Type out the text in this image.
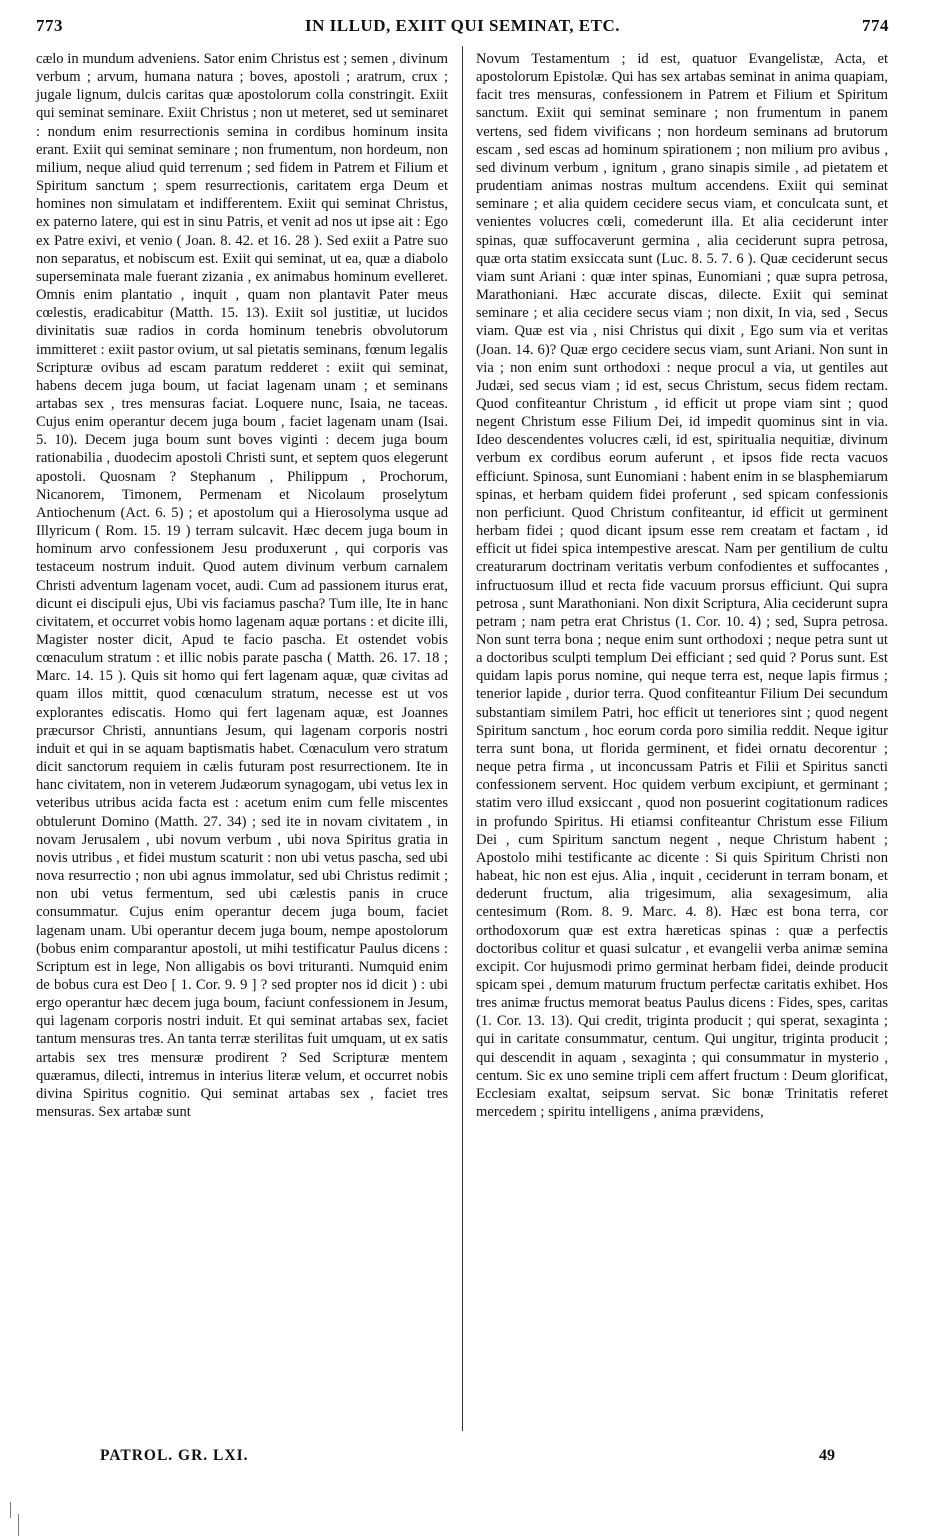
773	IN ILLUD, EXIIT QUI SEMINAT, ETC.	774

cælo in mundum adveniens. Sator enim Christus est ; semen , divinum verbum ; arvum, humana natura ; boves, apostoli ; aratrum, crux ; jugale lignum, dulcis caritas quæ apostolorum colla constringit. Exiit qui seminat seminare. Exiit Christus ; non ut meteret, sed ut seminaret : nondum enim resurrectionis semina in cordibus hominum insita erant. Exiit qui seminat seminare ; non frumentum, non hordeum, non milium, neque aliud quid terrenum ; sed fidem in Patrem et Filium et Spiritum sanctum ; spem resurrectionis, caritatem erga Deum et homines non simulatam et indifferentem. Exiit qui seminat Christus, ex paterno latere, qui est in sinu Patris, et venit ad nos ut ipse ait : Ego ex Patre exivi, et venio ( Joan. 8. 42. et 16. 28 ). Sed exiit a Patre suo non separatus, et nobiscum est. Exiit qui seminat, ut ea, quæ a diabolo superseminata male fuerant zizania , ex animabus hominum evelleret. Omnis enim plantatio , inquit , quam non plantavit Pater meus cœlestis, eradicabitur (Matth. 15. 13). Exiit sol justitiæ, ut lucidos divinitatis suæ radios in corda hominum tenebris obvolutorum immitteret : exiit pastor ovium, ut sal pietatis seminans, fœnum legalis Scripturæ ovibus ad escam paratum redderet : exiit qui seminat, habens decem juga boum, ut faciat lagenam unam ; et seminans artabas sex , tres mensuras faciat. Loquere nunc, Isaia, ne taceas. Cujus enim operantur decem juga boum , faciet lagenam unam (Isai. 5. 10). Decem juga boum sunt boves viginti : decem juga boum rationabilia , duodecim apostoli Christi sunt, et septem quos elegerunt apostoli. Quosnam ? Stephanum , Philippum , Prochorum, Nicanorem, Timonem, Permenam et Nicolaum proselytum Antiochenum (Act. 6. 5) ; et apostolum qui a Hierosolyma usque ad Illyricum ( Rom. 15. 19 ) terram sulcavit. Hæc decem juga boum in hominum arvo confessionem Jesu produxerunt , qui corporis vas testaceum nostrum induit. Quod autem divinum verbum carnalem Christi adventum lagenam vocet, audi. Cum ad passionem iturus erat, dicunt ei discipuli ejus, Ubi vis faciamus pascha? Tum ille, Ite in hanc civitatem, et occurret vobis homo lagenam aquæ portans : et dicite illi, Magister noster dicit, Apud te facio pascha. Et ostendet vobis cœnaculum stratum : et illic nobis parate pascha ( Matth. 26. 17. 18 ; Marc. 14. 15 ). Quis sit homo qui fert lagenam aquæ, quæ civitas ad quam illos mittit, quod cœnaculum stratum, necesse est ut vos explorantes ediscatis. Homo qui fert lagenam aquæ, est Joannes præcursor Christi, annuntians Jesum, qui lagenam corporis nostri induit et qui in se aquam baptismatis habet. Cœnaculum vero stratum dicit sanctorum requiem in cælis futuram post resurrectionem. Ite in hanc civitatem, non in veterem Judæorum synagogam, ubi vetus lex in veteribus utribus acida facta est : acetum enim cum felle miscentes obtulerunt Domino (Matth. 27. 34) ; sed ite in novam civitatem , in novam Jerusalem , ubi novum verbum , ubi nova Spiritus gratia in novis utribus , et fidei mustum scaturit : non ubi vetus pascha, sed ubi nova resurrectio ; non ubi agnus immolatur, sed ubi Christus redimit ; non ubi vetus fermentum, sed ubi cælestis panis in cruce consummatur. Cujus enim operantur decem juga boum, faciet lagenam unam. Ubi operantur decem juga boum, nempe apostolorum (bobus enim comparantur apostoli, ut mihi testificatur Paulus dicens : Scriptum est in lege, Non alligabis os bovi trituranti. Numquid enim de bobus cura est Deo [ 1. Cor. 9. 9 ] ? sed propter nos id dicit ) : ubi ergo operantur hæc decem juga boum, faciunt confessionem in Jesum, qui lagenam corporis nostri induit. Et qui seminat artabas sex, faciet tantum mensuras tres. An tanta terræ sterilitas fuit umquam, ut ex satis artabis sex tres mensuræ prodirent ? Sed Scripturæ mentem quæramus, dilecti, intremus in interius literæ velum, et occurret nobis divina Spiritus cognitio. Qui seminat artabas sex , faciet tres mensuras. Sex artabæ sunt

Novum Testamentum ; id est, quatuor Evangelistæ, Acta, et apostolorum Epistolæ. Qui has sex artabas seminat in anima quapiam, facit tres mensuras, confessionem in Patrem et Filium et Spiritum sanctum. Exiit qui seminat seminare ; non frumentum in panem vertens, sed fidem vivificans ; non hordeum seminans ad brutorum escam , sed escas ad hominum spirationem ; non milium pro avibus , sed divinum verbum , ignitum , grano sinapis simile , ad pietatem et prudentiam animas nostras multum accendens. Exiit qui seminat seminare ; et alia quidem cecidere secus viam, et conculcata sunt, et venientes volucres cœli, comederunt illa. Et alia ceciderunt inter spinas, quæ suffocaverunt germina , alia ceciderunt supra petrosa, quæ orta statim exsiccata sunt (Luc. 8. 5. 7. 6 ). Quæ ceciderunt secus viam sunt Ariani : quæ inter spinas, Eunomiani ; quæ supra petrosa, Marathoniani. Hæc accurate discas, dilecte. Exiit qui seminat seminare ; et alia cecidere secus viam ; non dixit, In via, sed , Secus viam. Quæ est via , nisi Christus qui dixit , Ego sum via et veritas (Joan. 14. 6)? Quæ ergo cecidere secus viam, sunt Ariani. Non sunt in via ; non enim sunt orthodoxi : neque procul a via, ut gentiles aut Judæi, sed secus viam ; id est, secus Christum, secus fidem rectam. Quod confiteantur Christum , id efficit ut prope viam sint ; quod negent Christum esse Filium Dei, id impedit quominus sint in via. Ideo descendentes volucres cæli, id est, spiritualia nequitiæ, divinum verbum ex cordibus eorum auferunt , et ipsos fide recta vacuos efficiunt. Spinosa, sunt Eunomiani : habent enim in se blasphemiarum spinas, et herbam quidem fidei proferunt , sed spicam confessionis non perficiunt. Quod Christum confiteantur, id efficit ut germinent herbam fidei ; quod dicant ipsum esse rem creatam et factam , id efficit ut fidei spica intempestive arescat. Nam per gentilium de cultu creaturarum doctrinam veritatis verbum confodientes et suffocantes , infructuosum illud et recta fide vacuum prorsus efficiunt. Qui supra petrosa , sunt Marathoniani. Non dixit Scriptura, Alia ceciderunt supra petram ; nam petra erat Christus (1. Cor. 10. 4) ; sed, Supra petrosa. Non sunt terra bona ; neque enim sunt orthodoxi ; neque petra sunt ut a doctoribus sculpti templum Dei efficiant ; sed quid ? Porus sunt. Est quidam lapis porus nomine, qui neque terra est, neque lapis firmus ; tenerior lapide , durior terra. Quod confiteantur Filium Dei secundum substantiam similem Patri, hoc efficit ut teneriores sint ; quod negent Spiritum sanctum , hoc eorum corda poro similia reddit. Neque igitur terra sunt bona, ut florida germinent, et fidei ornatu decorentur ; neque petra firma , ut inconcussam Patris et Filii et Spiritus sancti confessionem servent. Hoc quidem verbum excipiunt, et germinant ; statim vero illud exsiccant , quod non posuerint cogitationum radices in profundo Spiritus. Hi etiamsi confiteantur Christum esse Filium Dei , cum Spiritum sanctum negent , neque Christum habent ; Apostolo mihi testificante ac dicente : Si quis Spiritum Christi non habeat, hic non est ejus. Alia , inquit , ceciderunt in terram bonam, et dederunt fructum, alia trigesimum, alia sexagesimum, alia centesimum (Rom. 8. 9. Marc. 4. 8). Hæc est bona terra, cor orthodoxorum quæ est extra hæreticas spinas : quæ a perfectis doctoribus colitur et quasi sulcatur , et evangelii verba animæ semina excipit. Cor hujusmodi primo germinat herbam fidei, deinde producit spicam spei , demum maturum fructum perfectæ caritatis exhibet. Hos tres animæ fructus memorat beatus Paulus dicens : Fides, spes, caritas (1. Cor. 13. 13). Qui credit, triginta producit ; qui sperat, sexaginta ; qui in caritate consummatur, centum. Qui ungitur, triginta producit ; qui descendit in aquam , sexaginta ; qui consummatur in mysterio , centum. Sic ex uno semine tripli cem affert fructum : Deum glorificat, Ecclesiam exaltat, seipsum servat. Sic bonæ Trinitatis referet mercedem ; spiritu intelligens , anima prævidens,

PATROL. GR. LXI.	49
